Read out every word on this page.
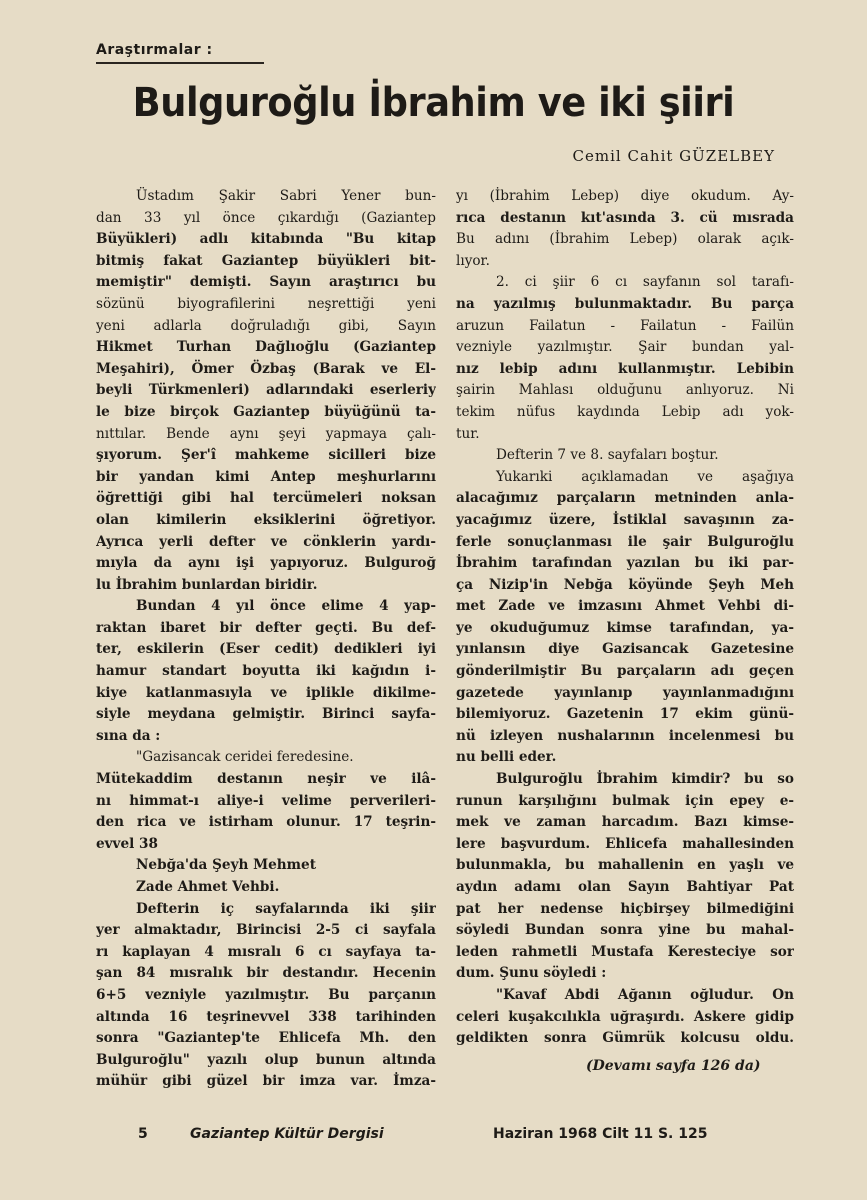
Araştırmalar :
Bulguroğlu İbrahim ve iki şiiri
Cemil Cahit GÜZELBEY
Üstadım Şakir Sabri Yener bun-
dan 33 yıl önce çıkardığı (Gaziantep
Büyükleri) adlı kitabında "Bu kitap
bitmiş fakat Gaziantep büyükleri bit-
memiştir" demişti. Sayın araştırıcı bu
sözünü biyografilerini neşrettiği yeni
yeni adlarla doğruladığı gibi, Sayın
Hikmet Turhan Dağlıoğlu (Gaziantep
Meşahiri), Ömer Özbaş (Barak ve El-
beyli Türkmenleri) adlarındaki eserleriy
le bize birçok Gaziantep büyüğünü ta-
nıttılar. Bende aynı şeyi yapmaya çalı-
şıyorum. Şer'î mahkeme sicilleri bize
bir yandan kimi Antep meşhurlarını
öğrettiği gibi hal tercümeleri noksan
olan kimilerin eksiklerini öğretiyor.
Ayrıca yerli defter ve cönklerin yardı-
mıyla da aynı işi yapıyoruz. Bulguroğ
lu İbrahim bunlardan biridir.
Bundan 4 yıl önce elime 4 yap-
raktan ibaret bir defter geçti. Bu def-
ter, eskilerin (Eser cedit) dedikleri iyi
hamur standart boyutta iki kağıdın i-
kiye katlanmasıyla ve iplikle dikilme-
siyle meydana gelmiştir. Birinci sayfa-
sına da :
"Gazisancak ceridei feredesine.
Mütekaddim destanın neşir ve ilâ-
nı himmat-ı aliye-i velime perverileri-
den rica ve istirham olunur. 17 teşrin-
evvel 38
Nebğa'da Şeyh Mehmet
Zade Ahmet Vehbi.
Defterin iç sayfalarında iki şiir
yer almaktadır, Birincisi 2-5 ci sayfala
rı kaplayan 4 mısralı 6 cı sayfaya ta-
şan 84 mısralık bir destandır. Hecenin
6+5 vezniyle yazılmıştır. Bu parçanın
altında 16 teşrinevvel 338 tarihinden
sonra "Gaziantep'te Ehlicefa Mh. den
Bulguroğlu" yazılı olup bunun altında
mühür gibi güzel bir imza var. İmza-
yı (İbrahim Lebep) diye okudum. Ay-
rıca destanın kıt'asında 3. cü mısrada
Bu adını (İbrahim Lebep) olarak açık-
lıyor.
2. ci şiir 6 cı sayfanın sol tarafı-
na yazılmış bulunmaktadır. Bu parça
aruzun Failatun - Failatun - Failün
vezniyle yazılmıştır. Şair bundan yal-
nız lebip adını kullanmıştır. Lebibin
şairin Mahlası olduğunu anlıyoruz. Ni
tekim nüfus kaydında Lebip adı yok-
tur.
Defterin 7 ve 8. sayfaları boştur.
Yukarıki açıklamadan ve aşağıya
alacağımız parçaların metninden anla-
yacağımız üzere, İstiklal savaşının za-
ferle sonuçlanması ile şair Bulguroğlu
İbrahim tarafından yazılan bu iki par-
ça Nizip'in Nebğa köyünde Şeyh Meh
met Zade ve imzasını Ahmet Vehbi di-
ye okuduğumuz kimse tarafından, ya-
yınlansın diye Gazisancak Gazetesine
gönderilmiştir Bu parçaların adı geçen
gazetede yayınlanıp yayınlanmadığını
bilemiyoruz. Gazetenin 17 ekim günü-
nü izleyen nushalarının incelenmesi bu
nu belli eder.
Bulguroğlu İbrahim kimdir? bu so
runun karşılığını bulmak için epey e-
mek ve zaman harcadım. Bazı kimse-
lere başvurdum. Ehlicefa mahallesinden
bulunmakla, bu mahallenin en yaşlı ve
aydın adamı olan Sayın Bahtiyar Pat
pat her nedense hiçbirşey bilmediğini
söyledi Bundan sonra yine bu mahal-
leden rahmetli Mustafa Keresteciye sor
dum. Şunu söyledi :
"Kavaf Abdi Ağanın oğludur. On
celeri kuşakcılıkla uğraşırdı. Askere gidip
geldikten sonra Gümrük kolcusu oldu.
(Devamı sayfa 126 da)
5	Gaziantep Kültür Dergisi	Haziran 1968 Cilt 11 S. 125
